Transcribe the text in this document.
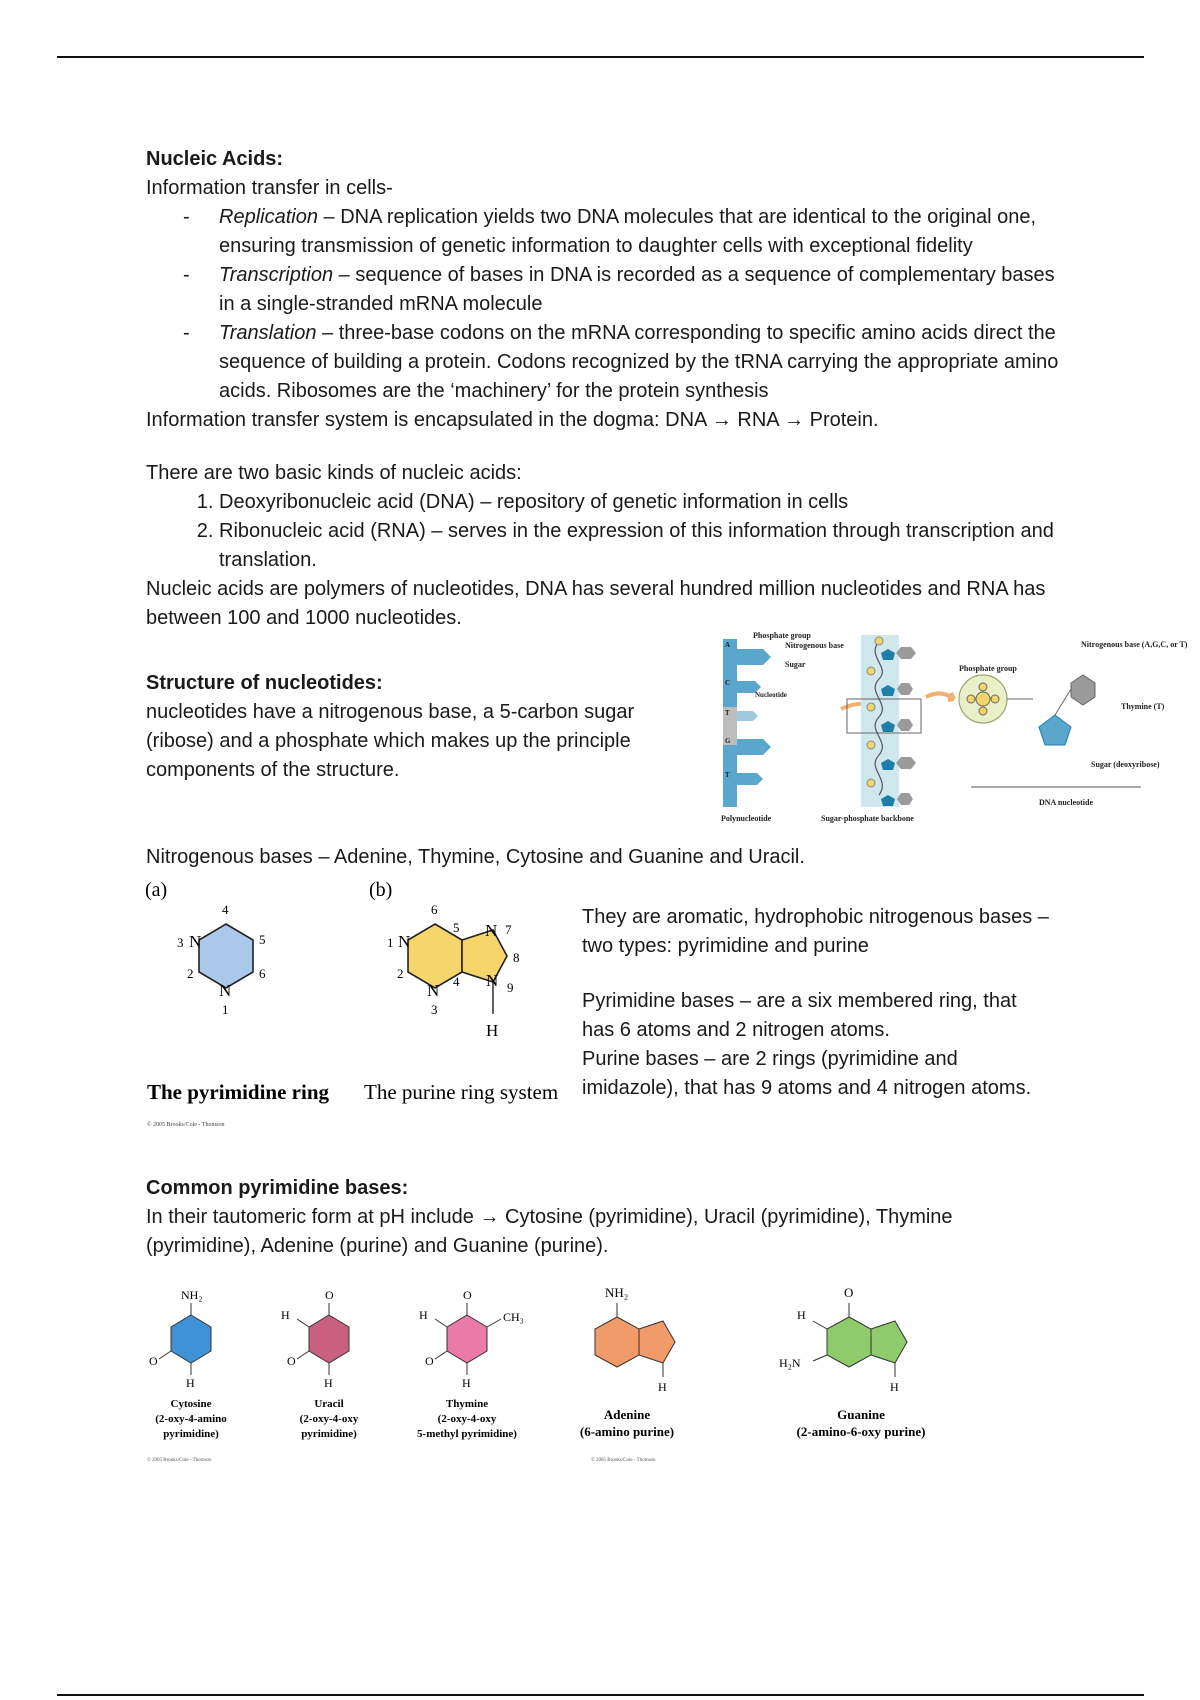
Nucleic Acids:

Information transfer in cells-

- Replication – DNA replication yields two DNA molecules that are identical to the original one, ensuring transmission of genetic information to daughter cells with exceptional fidelity
- Transcription – sequence of bases in DNA is recorded as a sequence of complementary bases in a single-stranded mRNA molecule
- Translation – three-base codons on the mRNA corresponding to specific amino acids direct the sequence of building a protein. Codons recognized by the tRNA carrying the appropriate amino acids. Ribosomes are the ‘machinery’ for the protein synthesis

Information transfer system is encapsulated in the dogma: DNA → RNA → Protein.

There are two basic kinds of nucleic acids:

1. Deoxyribonucleic acid (DNA) – repository of genetic information in cells
2. Ribonucleic acid (RNA) – serves in the expression of this information through transcription and translation.

Nucleic acids are polymers of nucleotides, DNA has several hundred million nucleotides and RNA has between 100 and 1000 nucleotides.

Structure of nucleotides:

nucleotides have a nitrogenous base, a 5-carbon sugar (ribose) and a phosphate which makes up the principle components of the structure.

A
C
T
G
T
Phosphate group
Nitrogenous base
Sugar
Nucleotide
Polynucleotide	Sugar-phosphate backbone
Phosphate group
Nitrogenous base (A,G,C, or T)
Thymine (T)
Sugar (deoxyribose)
DNA nucleotide

Nitrogenous bases – Adenine, Thymine, Cytosine and Guanine and Uracil.

(a)	(b)
N
N
4
5
6
3
2
1
N
N
N
N
H
1
2
3
4
5
6
7
8
9
The pyrimidine ring The purine ring system
© 2005 Brooks/Cole - Thomson

They are aromatic, hydrophobic nitrogenous bases – two types: pyrimidine and purine

Pyrimidine bases – are a six membered ring, that has 6 atoms and 2 nitrogen atoms.

Purine bases – are 2 rings (pyrimidine and imidazole), that has 9 atoms and 4 nitrogen atoms.

Common pyrimidine bases:

In their tautomeric form at pH include → Cytosine (pyrimidine), Uracil (pyrimidine), Thymine (pyrimidine), Adenine (purine) and Guanine (purine).

NH₂
O
H
O
O
H
H
O
O
H	CH₃
H
NH₂
H
O
H
H₂N
H
Cytosine
(2-oxy-4-amino
pyrimidine)
Uracil
(2-oxy-4-oxy
pyrimidine)
Thymine
(2-oxy-4-oxy
5-methyl pyrimidine)
Adenine
(6-amino purine)
Guanine
(2-amino-6-oxy purine)
© 2005 Brooks/Cole - Thomson	© 2005 Brooks/Cole - Thomson
